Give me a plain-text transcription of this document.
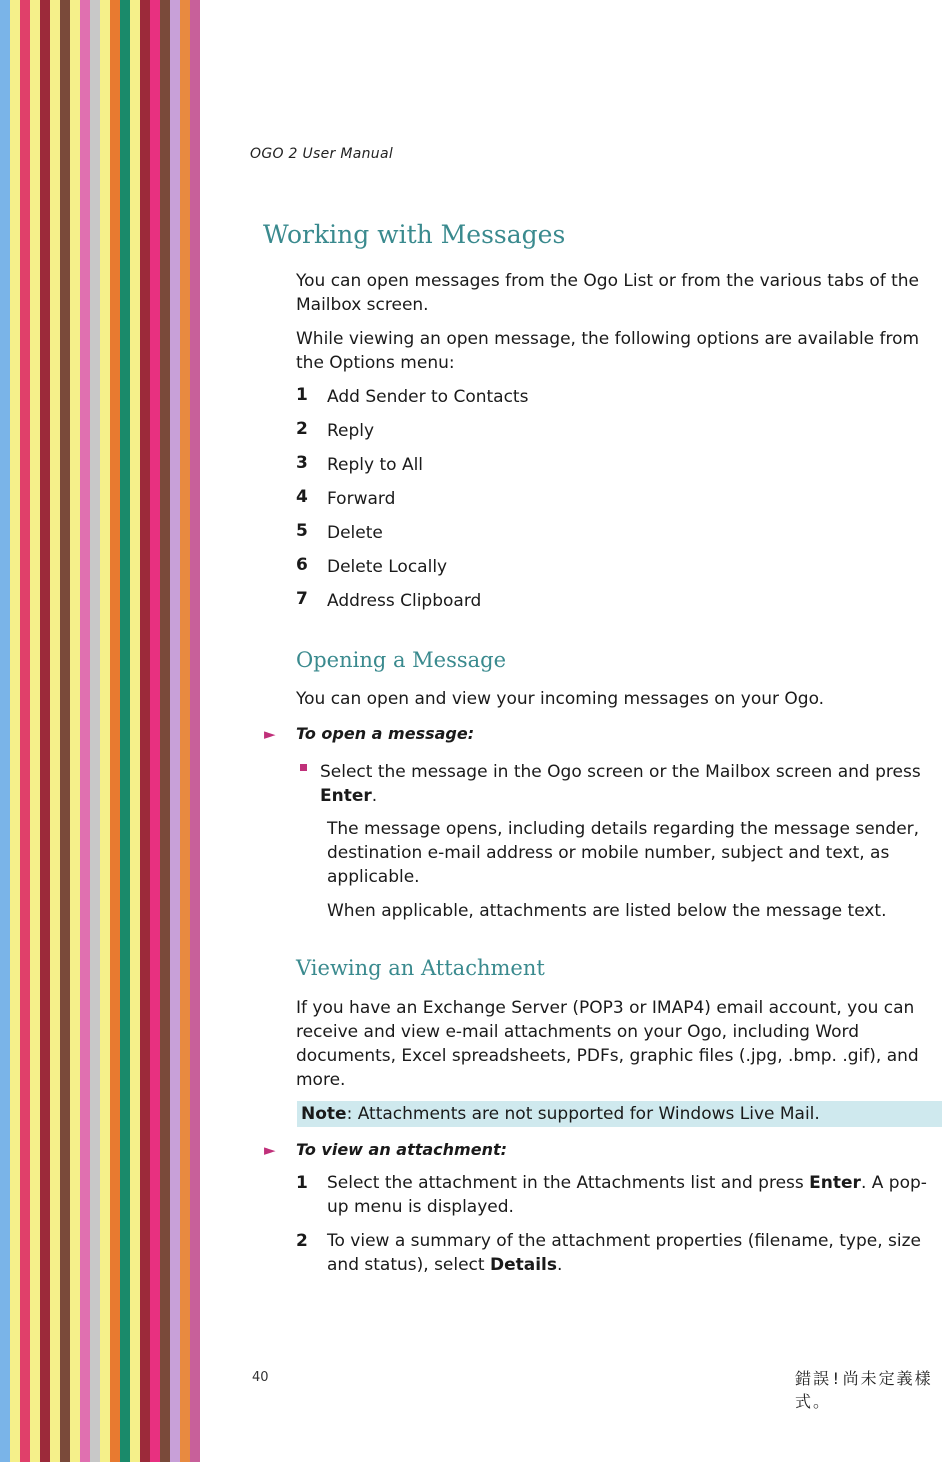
OGO 2 User Manual
Working with Messages
You can open messages from the Ogo List or from the various tabs of the Mailbox screen.
While viewing an open message, the following options are available from the Options menu:
1	Add Sender to Contacts
2	Reply
3	Reply to All
4	Forward
5	Delete
6	Delete Locally
7	Address Clipboard
Opening a Message
You can open and view your incoming messages on your Ogo.
► To open a message:
Select the message in the Ogo screen or the Mailbox screen and press Enter.
The message opens, including details regarding the message sender, destination e-mail address or mobile number, subject and text, as applicable.
When applicable, attachments are listed below the message text.
Viewing an Attachment
If you have an Exchange Server (POP3 or IMAP4) email account, you can receive and view e-mail attachments on your Ogo, including Word documents, Excel spreadsheets, PDFs, graphic files (.jpg, .bmp. .gif), and more.
Note: Attachments are not supported for Windows Live Mail.
► To view an attachment:
1	Select the attachment in the Attachments list and press Enter. A pop-up menu is displayed.
2	To view a summary of the attachment properties (filename, type, size and status), select Details.
40	錯誤!尚未定義樣式。
